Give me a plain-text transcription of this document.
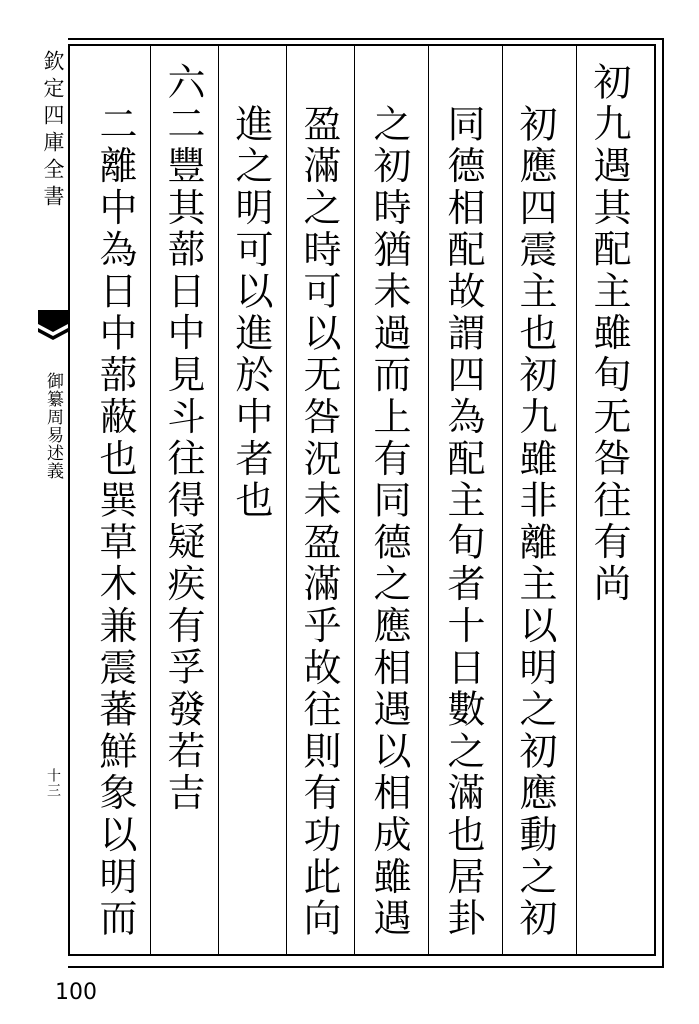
欽定四庫全書
御纂周易述義
十三
初九遇其配主雖旬无咎往有尚
初應四震主也初九雖非離主以明之初應動之初
同德相配故謂四為配主旬者十日數之滿也居卦
之初時猶未過而上有同德之應相遇以相成雖遇
盈滿之時可以无咎況未盈滿乎故往則有功此向
進之明可以進於中者也
六二豐其蔀日中見斗往得疑疾有孚發若吉
二離中為日中蔀蔽也巽草木兼震蕃鮮象以明而
100
